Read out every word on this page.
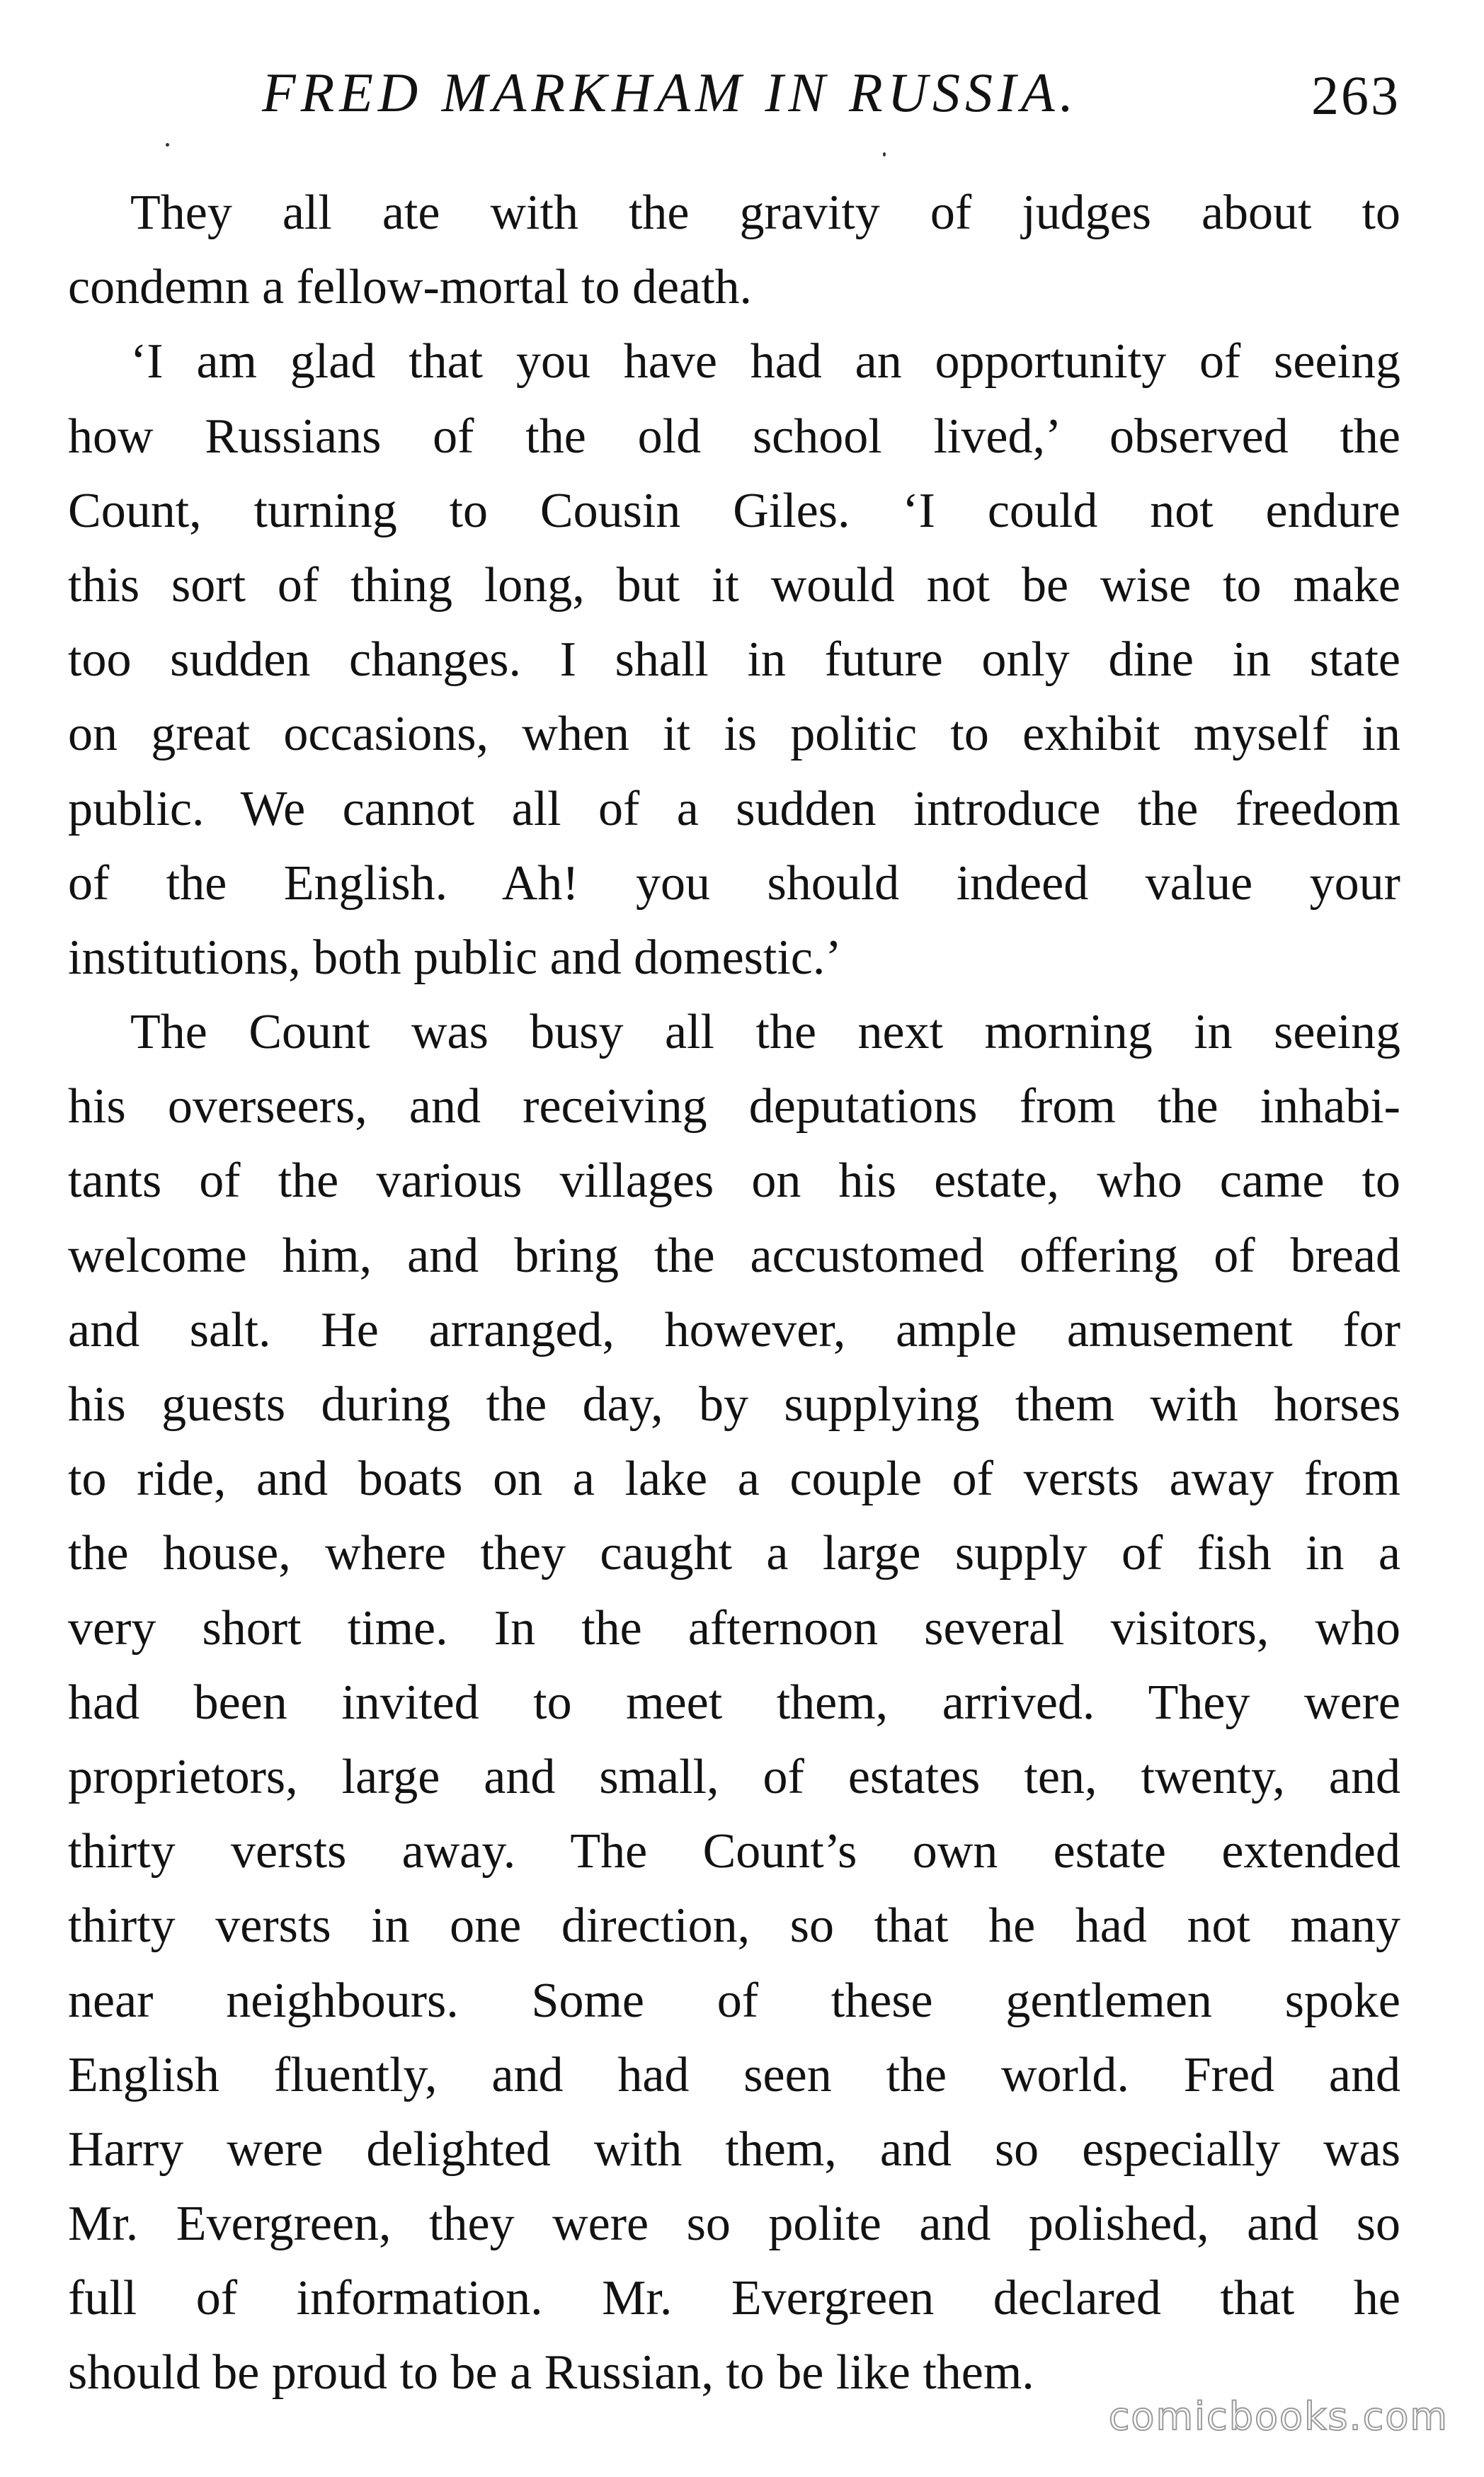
FRED MARKHAM IN RUSSIA.	263
They all ate with the gravity of judges about to
condemn a fellow-mortal to death.
‘I am glad that you have had an opportunity of seeing
how Russians of the old school lived,’ observed the
Count, turning to Cousin Giles. ‘I could not endure
this sort of thing long, but it would not be wise to make
too sudden changes. I shall in future only dine in state
on great occasions, when it is politic to exhibit myself in
public. We cannot all of a sudden introduce the freedom
of the English. Ah! you should indeed value your
institutions, both public and domestic.’
The Count was busy all the next morning in seeing
his overseers, and receiving deputations from the inhabi-
tants of the various villages on his estate, who came to
welcome him, and bring the accustomed offering of bread
and salt. He arranged, however, ample amusement for
his guests during the day, by supplying them with horses
to ride, and boats on a lake a couple of versts away from
the house, where they caught a large supply of fish in a
very short time. In the afternoon several visitors, who
had been invited to meet them, arrived. They were
proprietors, large and small, of estates ten, twenty, and
thirty versts away. The Count’s own estate extended
thirty versts in one direction, so that he had not many
near neighbours. Some of these gentlemen spoke
English fluently, and had seen the world. Fred and
Harry were delighted with them, and so especially was
Mr. Evergreen, they were so polite and polished, and so
full of information. Mr. Evergreen declared that he
should be proud to be a Russian, to be like them.
comicbooks.com
